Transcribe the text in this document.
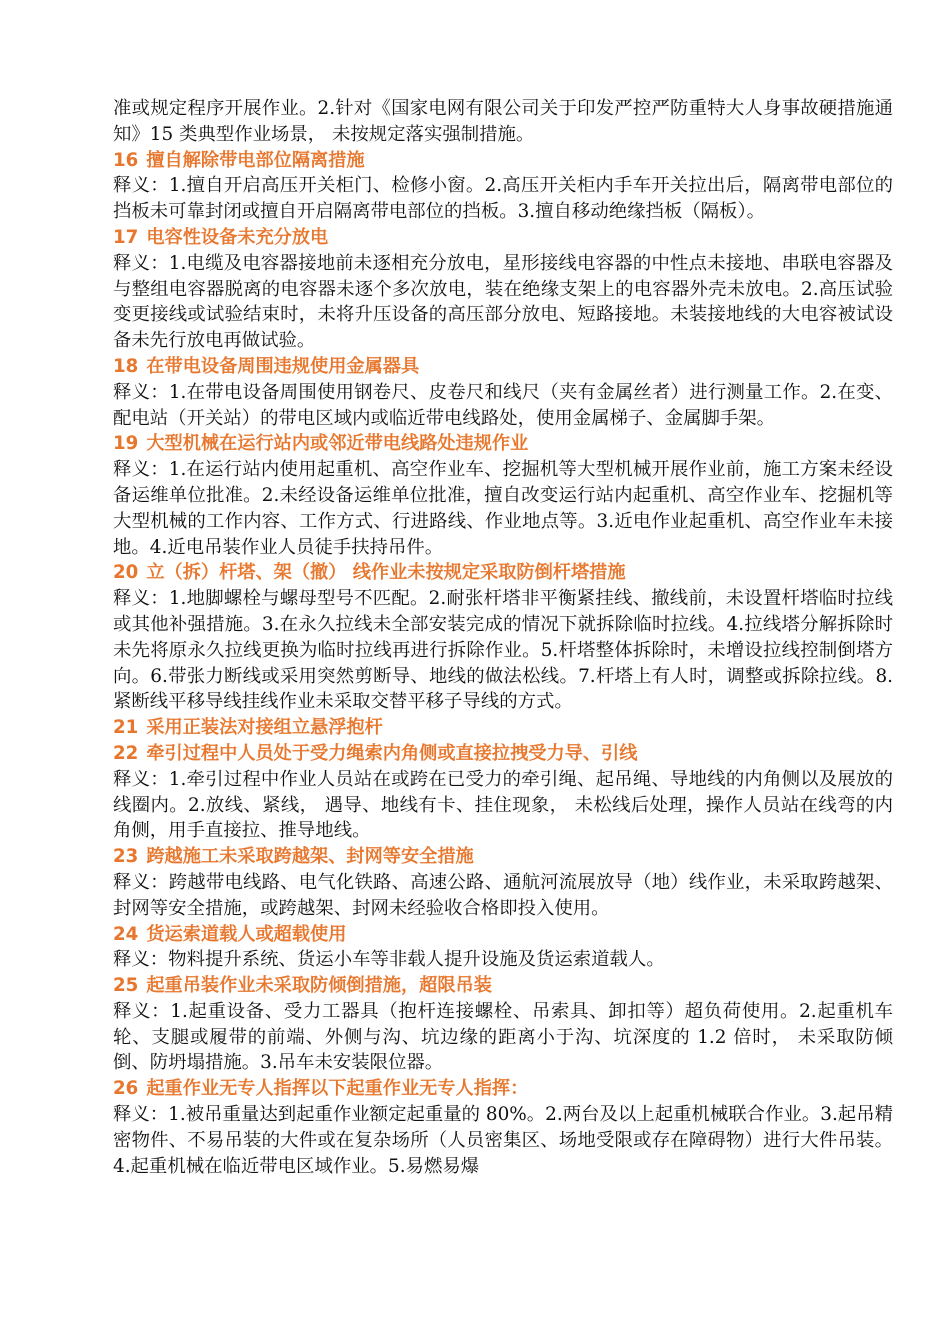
准或规定程序开展作业。2.针对《国家电网有限公司关于印发严控严防重特大人身事故硬措施通知》15 类典型作业场景， 未按规定落实强制措施。

16 擅自解除带电部位隔离措施

释义：1.擅自开启高压开关柜门、检修小窗。2.高压开关柜内手车开关拉出后，隔离带电部位的挡板未可靠封闭或擅自开启隔离带电部位的挡板。3.擅自移动绝缘挡板（隔板）。

17 电容性设备未充分放电

释义：1.电缆及电容器接地前未逐相充分放电，星形接线电容器的中性点未接地、串联电容器及与整组电容器脱离的电容器未逐个多次放电，装在绝缘支架上的电容器外壳未放电。2.高压试验变更接线或试验结束时，未将升压设备的高压部分放电、短路接地。未装接地线的大电容被试设备未先行放电再做试验。

18 在带电设备周围违规使用金属器具

释义：1.在带电设备周围使用钢卷尺、皮卷尺和线尺（夹有金属丝者）进行测量工作。2.在变、配电站（开关站）的带电区域内或临近带电线路处，使用金属梯子、金属脚手架。

19 大型机械在运行站内或邻近带电线路处违规作业

释义：1.在运行站内使用起重机、高空作业车、挖掘机等大型机械开展作业前，施工方案未经设备运维单位批准。2.未经设备运维单位批准，擅自改变运行站内起重机、高空作业车、挖掘机等大型机械的工作内容、工作方式、行进路线、作业地点等。3.近电作业起重机、高空作业车未接地。4.近电吊装作业人员徒手扶持吊件。

20 立（拆）杆塔、架（撤） 线作业未按规定采取防倒杆塔措施

释义：1.地脚螺栓与螺母型号不匹配。2.耐张杆塔非平衡紧挂线、撤线前，未设置杆塔临时拉线或其他补强措施。3.在永久拉线未全部安装完成的情况下就拆除临时拉线。4.拉线塔分解拆除时未先将原永久拉线更换为临时拉线再进行拆除作业。5.杆塔整体拆除时，未增设拉线控制倒塔方向。6.带张力断线或采用突然剪断导、地线的做法松线。7.杆塔上有人时，调整或拆除拉线。8.紧断线平移导线挂线作业未采取交替平移子导线的方式。

21 采用正装法对接组立悬浮抱杆

22 牵引过程中人员处于受力绳索内角侧或直接拉拽受力导、引线

释义：1.牵引过程中作业人员站在或跨在已受力的牵引绳、起吊绳、导地线的内角侧以及展放的线圈内。2.放线、紧线， 遇导、地线有卡、挂住现象， 未松线后处理，操作人员站在线弯的内角侧，用手直接拉、推导地线。

23 跨越施工未采取跨越架、封网等安全措施

释义：跨越带电线路、电气化铁路、高速公路、通航河流展放导（地）线作业，未采取跨越架、封网等安全措施，或跨越架、封网未经验收合格即投入使用。

24 货运索道载人或超载使用

释义：物料提升系统、货运小车等非载人提升设施及货运索道载人。

25 起重吊装作业未采取防倾倒措施，超限吊装

释义：1.起重设备、受力工器具（抱杆连接螺栓、吊索具、卸扣等）超负荷使用。2.起重机车轮、支腿或履带的前端、外侧与沟、坑边缘的距离小于沟、坑深度的 1.2 倍时， 未采取防倾倒、防坍塌措施。3.吊车未安装限位器。

26 起重作业无专人指挥以下起重作业无专人指挥：

释义：1.被吊重量达到起重作业额定起重量的 80%。2.两台及以上起重机械联合作业。3.起吊精密物件、不易吊装的大件或在复杂场所（人员密集区、场地受限或存在障碍物）进行大件吊装。4.起重机械在临近带电区域作业。5.易燃易爆
